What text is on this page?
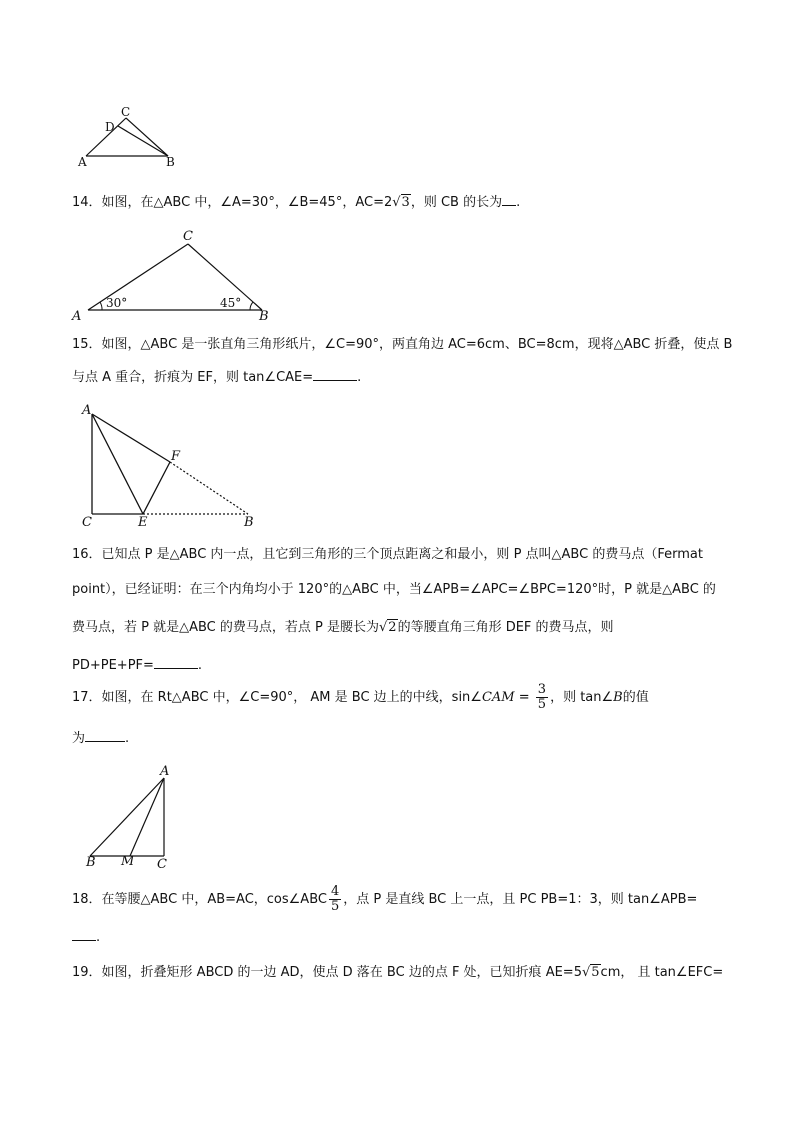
C
D
A	B
14．如图，在△ABC 中，∠A=30°，∠B=45°，AC=2√3，则 CB 的长为 .
C
A	B
30°	45°
15．如图，△ABC 是一张直角三角形纸片，∠C=90°，两直角边 AC=6cm、BC=8cm，现将△ABC 折叠，使点 B
与点 A 重合，折痕为 EF，则 tan∠CAE=	.
A
F
C	E	B
16．已知点 P 是△ABC 内一点，且它到三角形的三个顶点距离之和最小，则 P 点叫△ABC 的费马点（Fermat
point），已经证明：在三个内角均小于 120°的△ABC 中，当∠APB=∠APC=∠BPC=120°时，P 就是△ABC 的
费马点，若 P 就是△ABC 的费马点，若点 P 是腰长为√2的等腰直角三角形 DEF 的费马点，则
PD+PE+PF=	.
17．如图，在 Rt△ABC 中，∠C=90°， AM 是 BC 边上的中线，sin∠CAM = $\frac{3}{5}$ ，则 tan∠B的值
为	.
A
B M C
18．在等腰△ABC 中，AB=AC，cos∠ABC $\frac{4}{5}$ ，点 P 是直线 BC 上一点，且 PC PB=1：3，则 tan∠APB=
.
19．如图，折叠矩形 ABCD 的一边 AD，使点 D 落在 BC 边的点 F 处，已知折痕 AE=5√5cm， 且 tan∠EFC=
